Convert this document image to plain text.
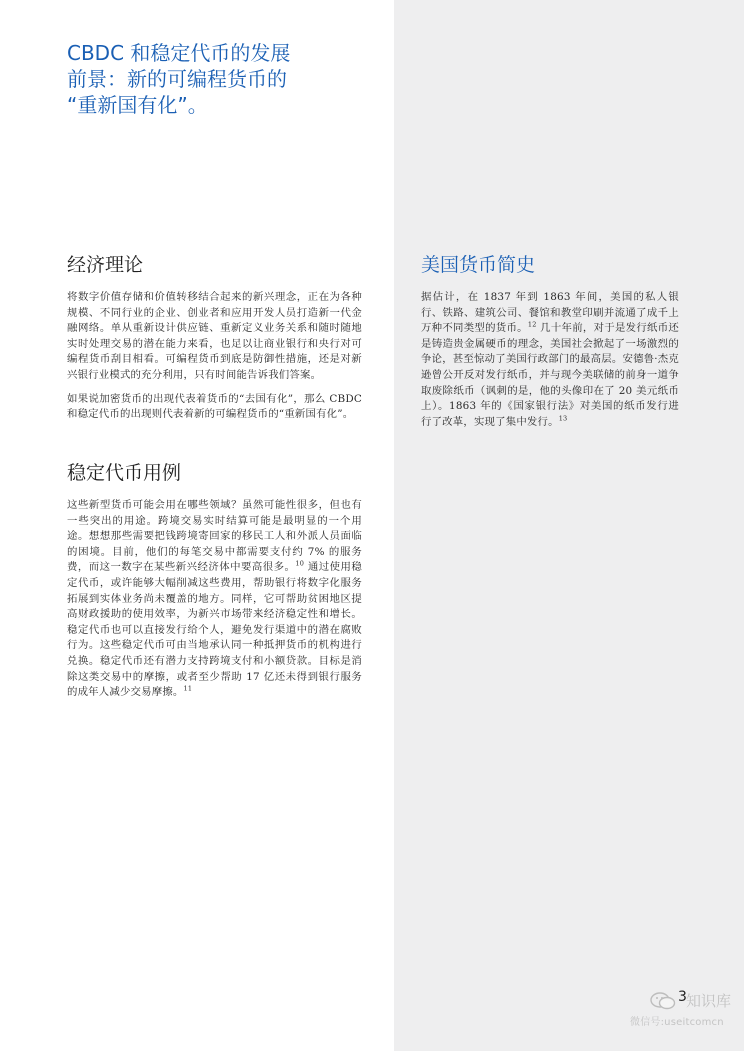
CBDC 和稳定代币的发展
前景：新的可编程货币的
“重新国有化”。
经济理论

将数字价值存储和价值转移结合起来的新兴理念，正在为各种规模、不同行业的企业、创业者和应用开发人员打造新一代金融网络。单从重新设计供应链、重新定义业务关系和随时随地实时处理交易的潜在能力来看，也足以让商业银行和央行对可编程货币刮目相看。可编程货币到底是防御性措施，还是对新兴银行业模式的充分利用，只有时间能告诉我们答案。

如果说加密货币的出现代表着货币的“去国有化”，那么 CBDC 和稳定代币的出现则代表着新的可编程货币的“重新国有化”。

稳定代币用例

这些新型货币可能会用在哪些领域？虽然可能性很多，但也有一些突出的用途。跨境交易实时结算可能是最明显的一个用途。想想那些需要把钱跨境寄回家的移民工人和外派人员面临的困境。目前，他们的每笔交易中都需要支付约 7% 的服务费，而这一数字在某些新兴经济体中要高很多。$^{10}$ 通过使用稳定代币，或许能够大幅削减这些费用，帮助银行将数字化服务拓展到实体业务尚未覆盖的地方。同样，它可帮助贫困地区提高财政援助的使用效率，为新兴市场带来经济稳定性和增长。稳定代币也可以直接发行给个人，避免发行渠道中的潜在腐败行为。这些稳定代币可由当地承认同一种抵押货币的机构进行兑换。稳定代币还有潜力支持跨境支付和小额贷款。目标是消除这类交易中的摩擦，或者至少帮助 17 亿还未得到银行服务的成年人减少交易摩擦。$^{11}$

美国货币简史

据估计，在 1837 年到 1863 年间，美国的私人银行、铁路、建筑公司、餐馆和教堂印刷并流通了成千上万种不同类型的货币。$^{12}$ 几十年前，对于是发行纸币还是铸造贵金属硬币的理念，美国社会掀起了一场激烈的争论，甚至惊动了美国行政部门的最高层。安德鲁·杰克逊曾公开反对发行纸币，并与现今美联储的前身一道争取废除纸币（讽刺的是，他的头像印在了 20 美元纸币上）。1863 年的《国家银行法》对美国的纸币发行进行了改革，实现了集中发行。$^{13}$

3 知识库
微信号:useitcomcn
